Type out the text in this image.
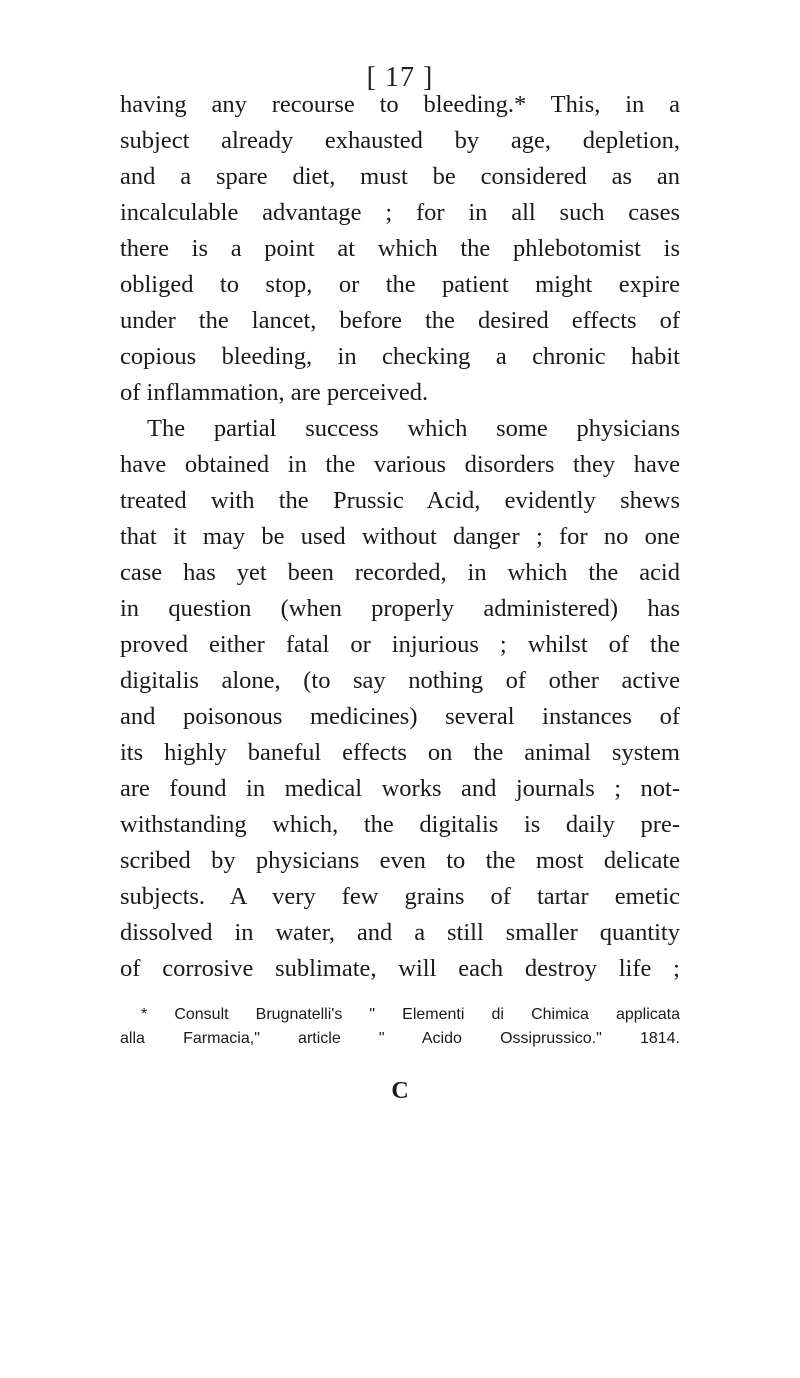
[ 17 ]
having any recourse to bleeding.* This, in a
subject already exhausted by age, depletion,
and a spare diet, must be considered as an
incalculable advantage ; for in all such cases
there is a point at which the phlebotomist is
obliged to stop, or the patient might expire
under the lancet, before the desired effects of
copious bleeding, in checking a chronic habit
of inflammation, are perceived.
The partial success which some physicians
have obtained in the various disorders they have
treated with the Prussic Acid, evidently shews
that it may be used without danger ; for no one
case has yet been recorded, in which the acid
in question (when properly administered) has
proved either fatal or injurious ; whilst of the
digitalis alone, (to say nothing of other active
and poisonous medicines) several instances of
its highly baneful effects on the animal system
are found in medical works and journals ; not-
withstanding which, the digitalis is daily pre-
scribed by physicians even to the most delicate
subjects. A very few grains of tartar emetic
dissolved in water, and a still smaller quantity
of corrosive sublimate, will each destroy life ;
* Consult Brugnatelli's " Elementi di Chimica applicata
alla Farmacia," article " Acido Ossiprussico." 1814.
C
